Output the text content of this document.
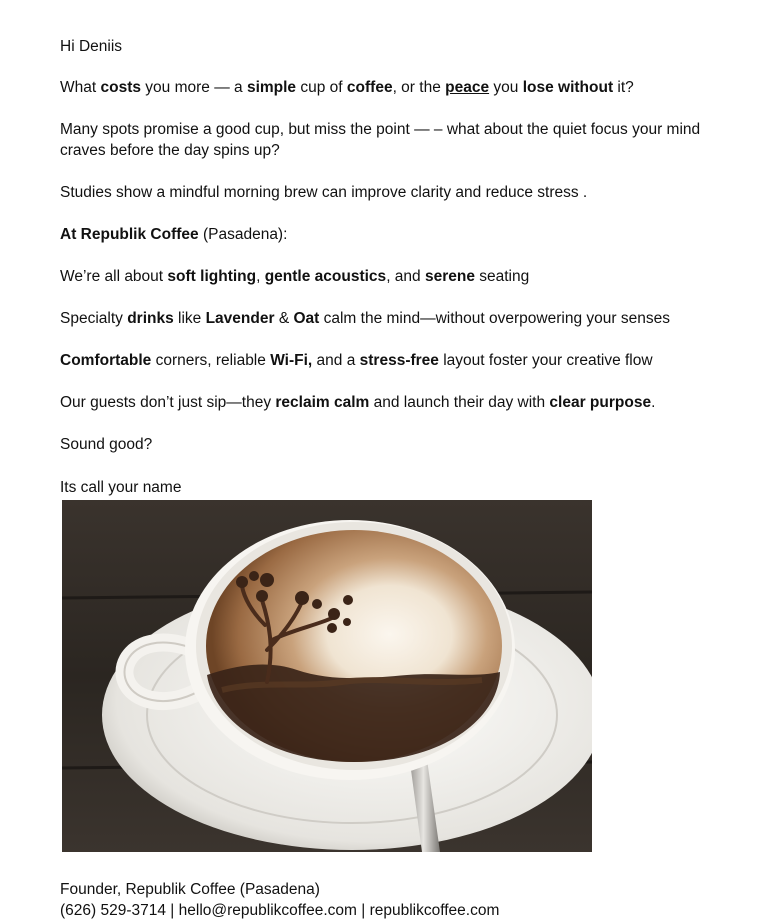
Hi Deniis
What costs you more — a simple cup of coffee, or the peace you lose without it?
Many spots promise a good cup, but miss the point — – what about the quiet focus your mind
craves before the day spins up?
Studies show a mindful morning brew can improve clarity and reduce stress .
At Republik Coffee (Pasadena):
We’re all about soft lighting, gentle acoustics, and serene seating
Specialty drinks like Lavender & Oat calm the mind—without overpowering your senses
Comfortable corners, reliable Wi-Fi, and a stress-free layout foster your creative flow
Our guests don’t just sip—they reclaim calm and launch their day with clear purpose.
Sound good?
Its call your name
Founder, Republik Coffee (Pasadena)
(626) 529-3714 | hello@republikcoffee.com | republikcoffee.com
